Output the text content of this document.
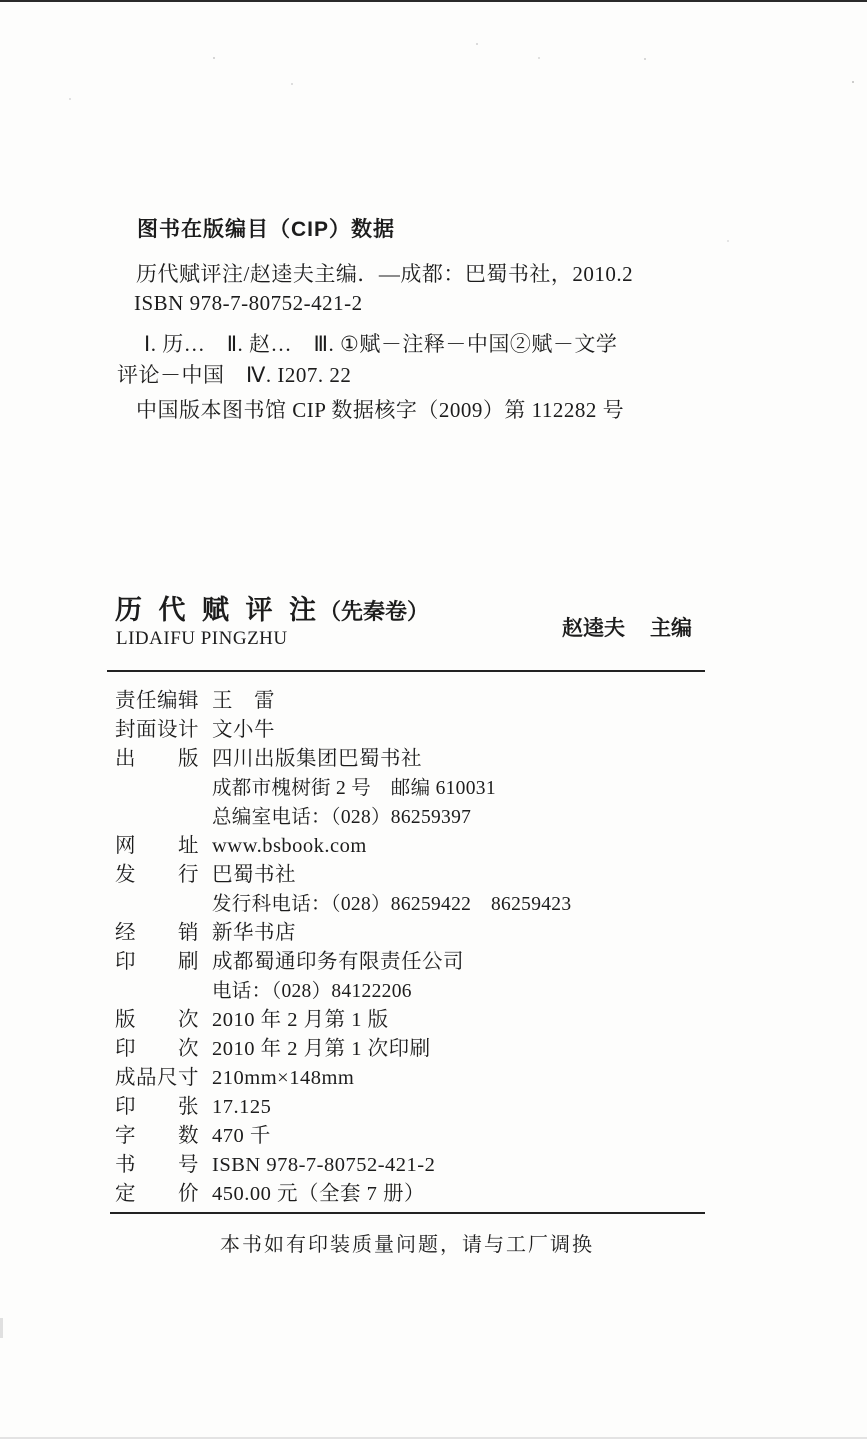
图书在版编目（CIP）数据
历代赋评注/赵逵夫主编．—成都：巴蜀书社，2010.2
ISBN 978-7-80752-421-2
Ⅰ. 历…　Ⅱ. 赵…　Ⅲ. ①赋－注释－中国②赋－文学
评论－中国　Ⅳ. I207. 22
中国版本图书馆 CIP 数据核字（2009）第 112282 号
历 代 赋 评 注（先秦卷）
LIDAIFU PINGZHU	赵逵夫 主编
责任编辑 王　雷
封面设计 文小牛
出　　版 四川出版集团巴蜀书社
成都市槐树街 2 号　邮编 610031
总编室电话：（028）86259397
网　　址 www.bsbook.com
发　　行 巴蜀书社
发行科电话：（028）86259422　86259423
经　　销 新华书店
印　　刷 成都蜀通印务有限责任公司
电话：（028）84122206
版　　次 2010 年 2 月第 1 版
印　　次 2010 年 2 月第 1 次印刷
成品尺寸 210mm×148mm
印　　张 17.125
字　　数 470 千
书　　号 ISBN 978-7-80752-421-2
定　　价 450.00 元（全套 7 册）
本书如有印装质量问题，请与工厂调换
